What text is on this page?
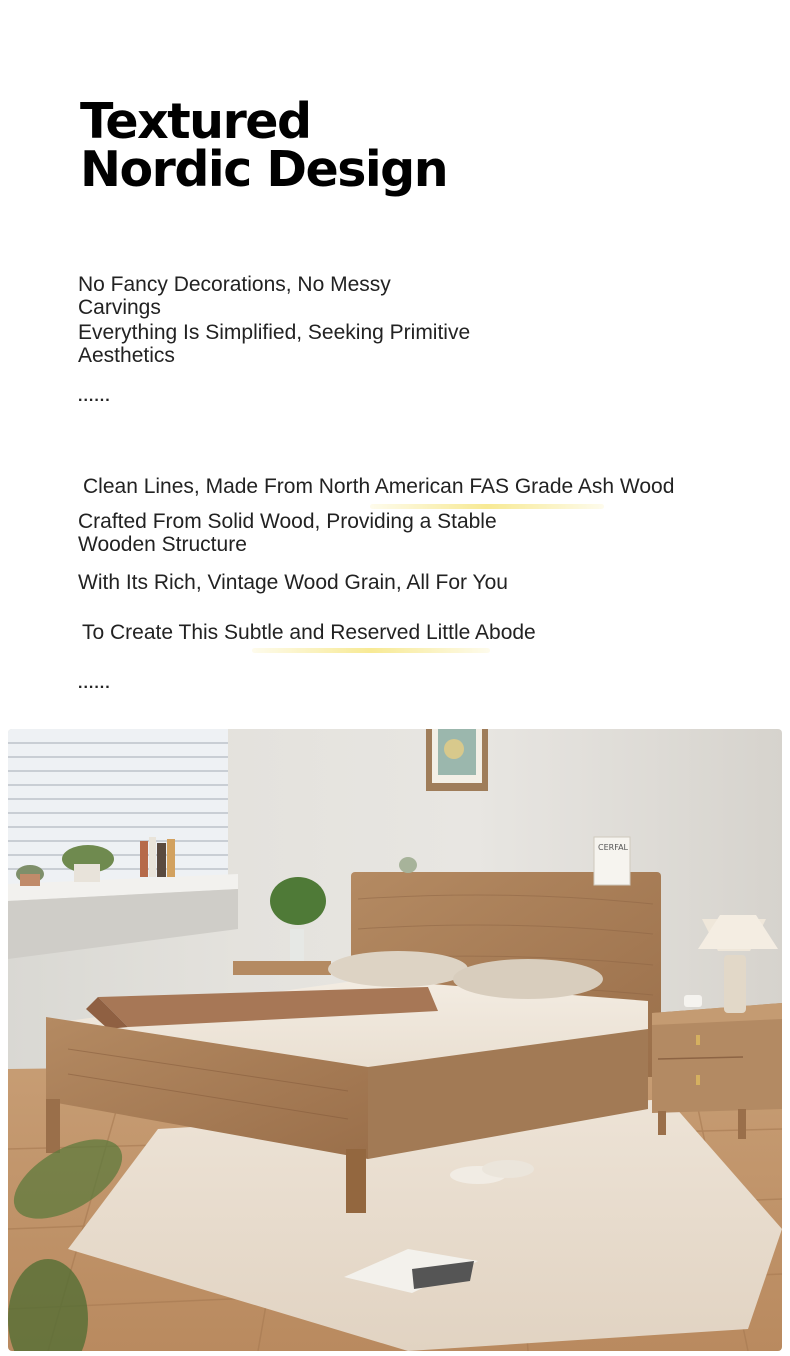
Textured
Nordic Design
No Fancy Decorations, No Messy
Carvings
Everything Is Simplified, Seeking Primitive
Aesthetics
......
Clean Lines, Made From North American FAS Grade Ash Wood
Crafted From Solid Wood, Providing a Stable
Wooden Structure
With Its Rich, Vintage Wood Grain, All For You
To Create This Subtle and Reserved Little Abode
......
CERFAL
